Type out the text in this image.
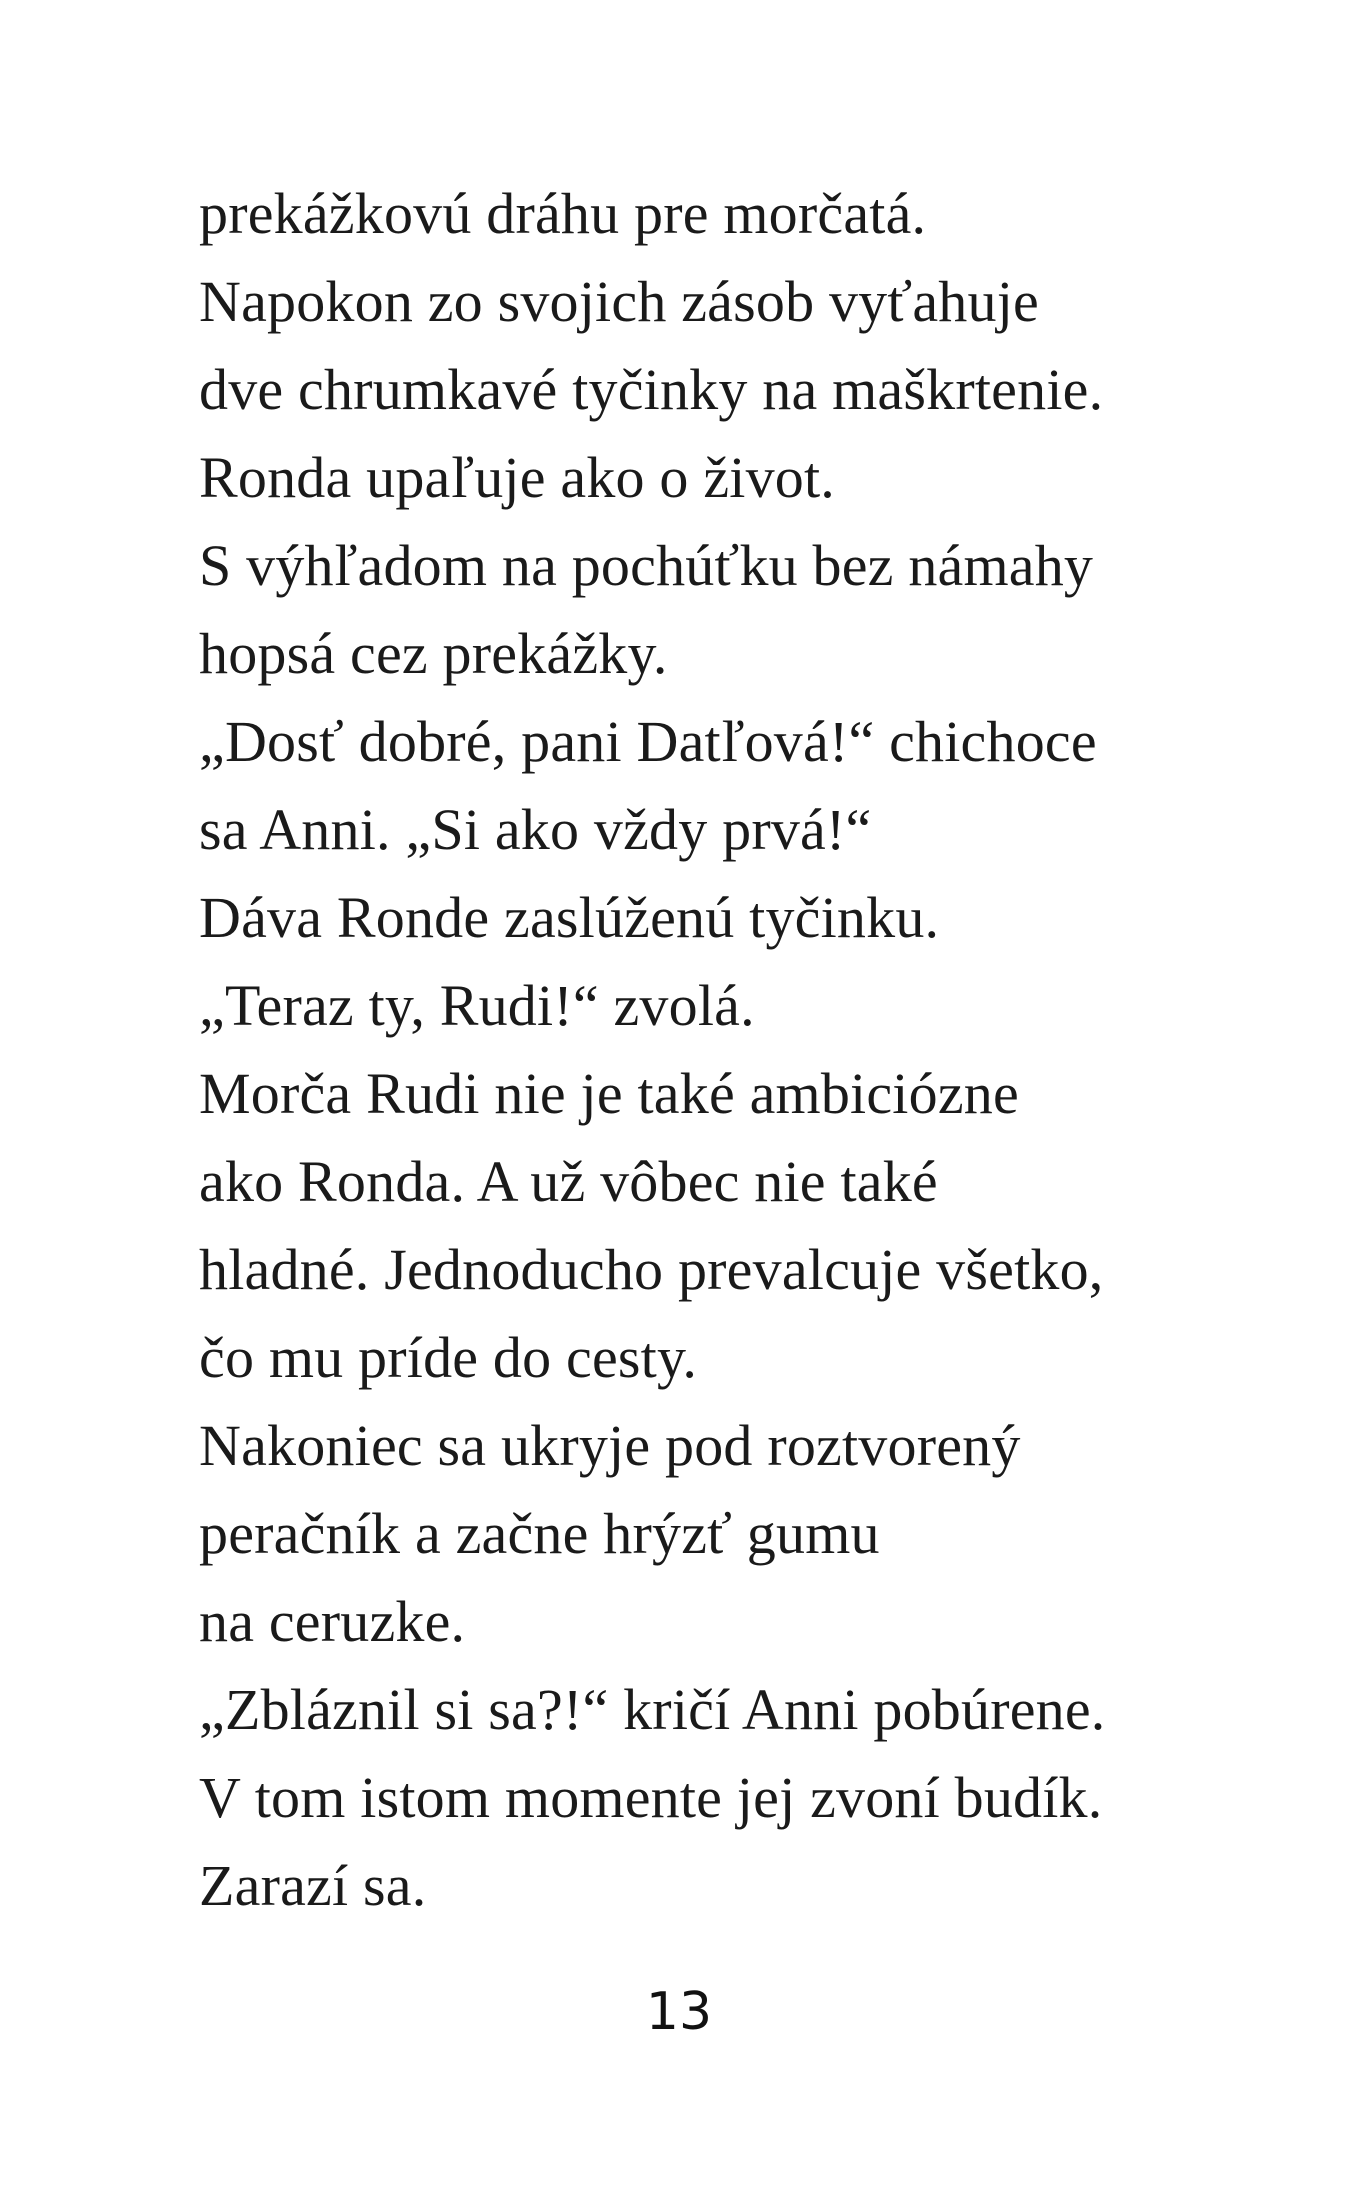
prekážkovú dráhu pre morčatá.
Napokon zo svojich zásob vyťahuje
dve chrumkavé tyčinky na maškrtenie.
Ronda upaľuje ako o život.
S výhľadom na pochúťku bez námahy
hopsá cez prekážky.
„Dosť dobré, pani Datľová!“ chichoce
sa Anni. „Si ako vždy prvá!“
Dáva Ronde zaslúženú tyčinku.
„Teraz ty, Rudi!“ zvolá.
Morča Rudi nie je také ambiciózne
ako Ronda. A už vôbec nie také
hladné. Jednoducho prevalcuje všetko,
čo mu príde do cesty.
Nakoniec sa ukryje pod roztvorený
peračník a začne hrýzť gumu
na ceruzke.
„Zbláznil si sa?!“ kričí Anni pobúrene.
V tom istom momente jej zvoní budík.
Zarazí sa.
13
